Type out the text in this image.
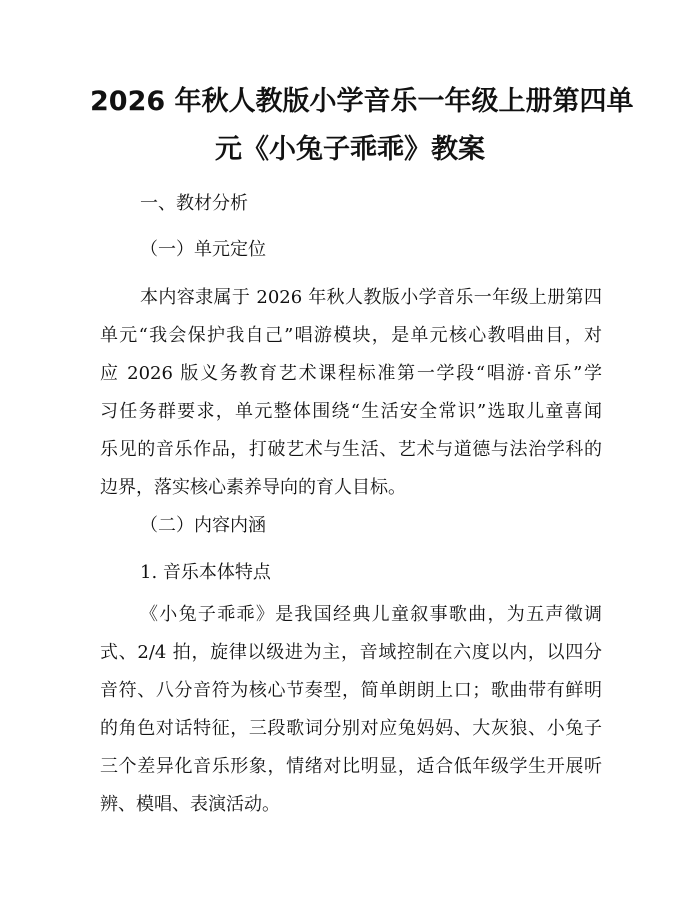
2026 年秋人教版小学音乐一年级上册第四单
元《小兔子乖乖》教案
一、教材分析
（一）单元定位
本内容隶属于 2026 年秋人教版小学音乐一年级上册第四
单元“我会保护我自己”唱游模块，是单元核心教唱曲目，对
应 2026 版义务教育艺术课程标准第一学段“唱游·音乐”学
习任务群要求，单元整体围绕“生活安全常识”选取儿童喜闻
乐见的音乐作品，打破艺术与生活、艺术与道德与法治学科的
边界，落实核心素养导向的育人目标。
（二）内容内涵
1. 音乐本体特点
《小兔子乖乖》是我国经典儿童叙事歌曲，为五声徵调
式、2/4 拍，旋律以级进为主，音域控制在六度以内，以四分
音符、八分音符为核心节奏型，简单朗朗上口；歌曲带有鲜明
的角色对话特征，三段歌词分别对应兔妈妈、大灰狼、小兔子
三个差异化音乐形象，情绪对比明显，适合低年级学生开展听
辨、模唱、表演活动。
